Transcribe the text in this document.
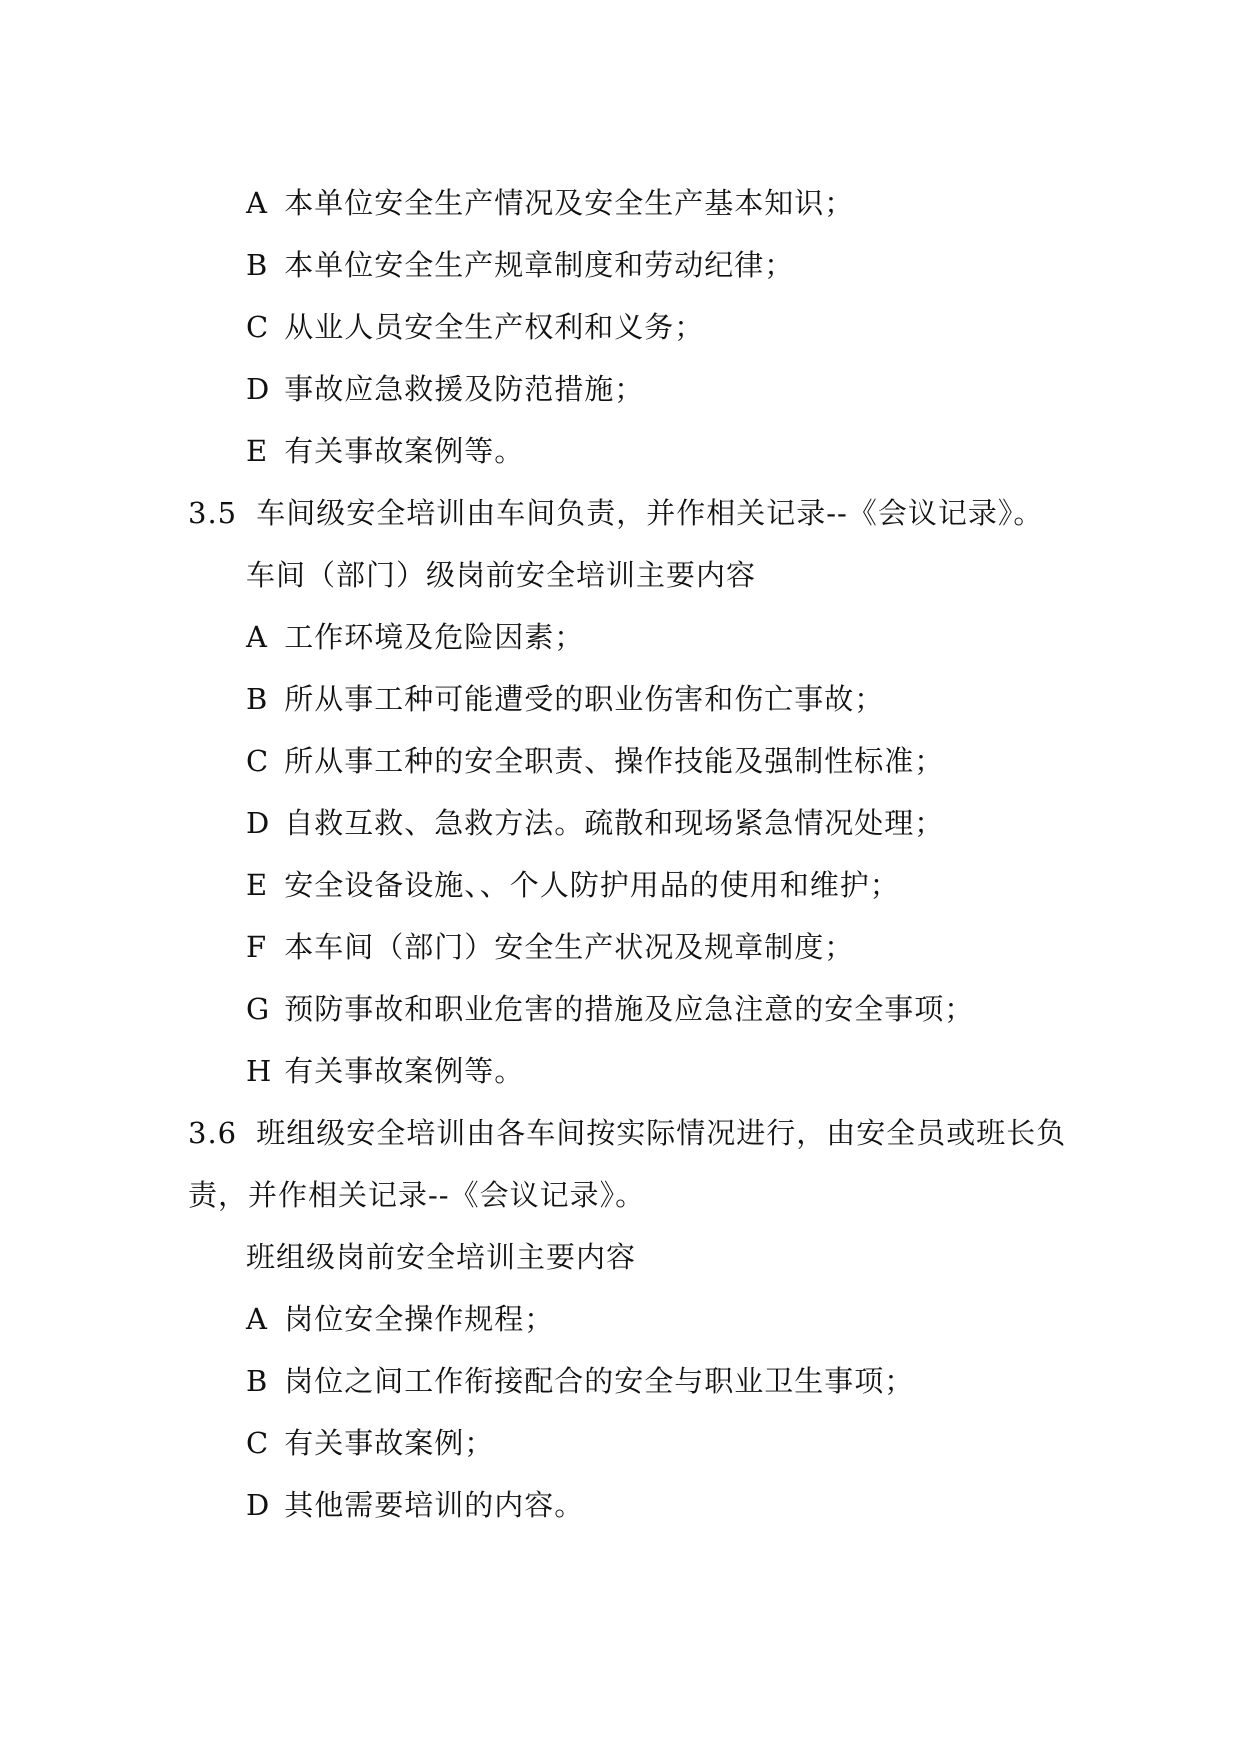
A 本单位安全生产情况及安全生产基本知识；
B 本单位安全生产规章制度和劳动纪律；
C 从业人员安全生产权利和义务；
D 事故应急救援及防范措施；
E 有关事故案例等。
3.5 车间级安全培训由车间负责，并作相关记录--《会议记录》。
车间（部门）级岗前安全培训主要内容
A 工作环境及危险因素；
B 所从事工种可能遭受的职业伤害和伤亡事故；
C 所从事工种的安全职责、操作技能及强制性标准；
D 自救互救、急救方法。疏散和现场紧急情况处理；
E 安全设备设施、、个人防护用品的使用和维护；
F 本车间（部门）安全生产状况及规章制度；
G 预防事故和职业危害的措施及应急注意的安全事项；
H 有关事故案例等。
3.6 班组级安全培训由各车间按实际情况进行，由安全员或班长负
责，并作相关记录--《会议记录》。
班组级岗前安全培训主要内容
A 岗位安全操作规程；
B 岗位之间工作衔接配合的安全与职业卫生事项；
C 有关事故案例；
D 其他需要培训的内容。
